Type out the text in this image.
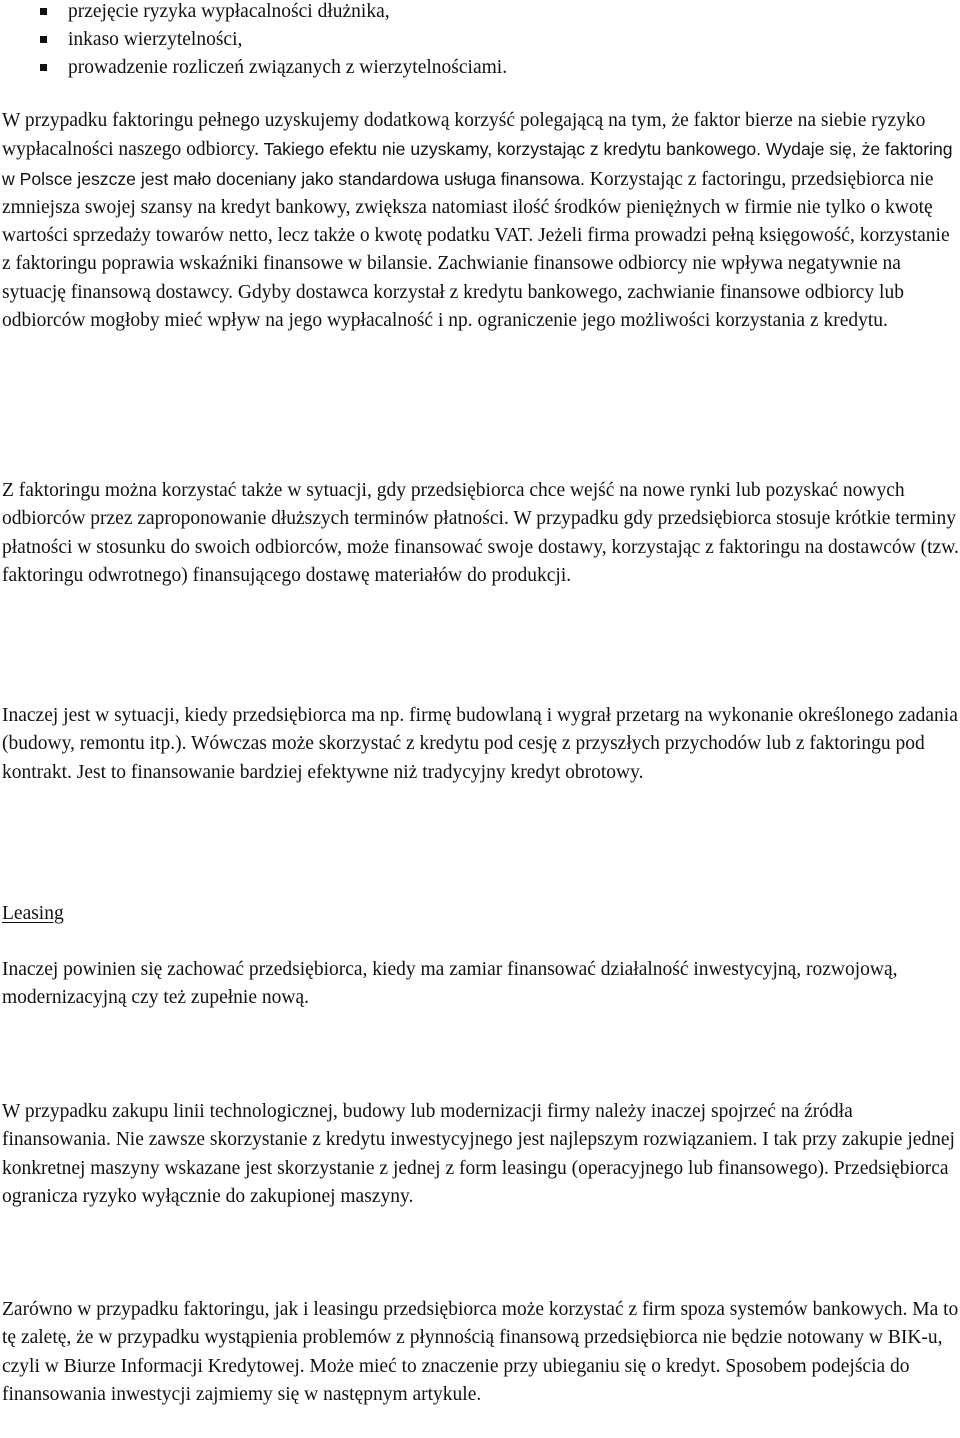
przejęcie ryzyka wypłacalności dłużnika,
inkaso wierzytelności,
prowadzenie rozliczeń związanych z wierzytelnościami.

W przypadku faktoringu pełnego uzyskujemy dodatkową korzyść polegającą na tym, że faktor bierze na siebie ryzyko wypłacalności naszego odbiorcy. Takiego efektu nie uzyskamy, korzystając z kredytu bankowego. Wydaje się, że faktoring w Polsce jeszcze jest mało doceniany jako standardowa usługa finansowa. Korzystając z factoringu, przedsiębiorca nie zmniejsza swojej szansy na kredyt bankowy, zwiększa natomiast ilość środków pieniężnych w firmie nie tylko o kwotę wartości sprzedaży towarów netto, lecz także o kwotę podatku VAT. Jeżeli firma prowadzi pełną księgowość, korzystanie z faktoringu poprawia wskaźniki finansowe w bilansie. Zachwianie finansowe odbiorcy nie wpływa negatywnie na sytuację finansową dostawcy. Gdyby dostawca korzystał z kredytu bankowego, zachwianie finansowe odbiorcy lub odbiorców mogłoby mieć wpływ na jego wypłacalność i np. ograniczenie jego możliwości korzystania z kredytu.

Z faktoringu można korzystać także w sytuacji, gdy przedsiębiorca chce wejść na nowe rynki lub pozyskać nowych odbiorców przez zaproponowanie dłuższych terminów płatności. W przypadku gdy przedsiębiorca stosuje krótkie terminy płatności w stosunku do swoich odbiorców, może finansować swoje dostawy, korzystając z faktoringu na dostawców (tzw. faktoringu odwrotnego) finansującego dostawę materiałów do produkcji.

Inaczej jest w sytuacji, kiedy przedsiębiorca ma np. firmę budowlaną i wygrał przetarg na wykonanie określonego zadania (budowy, remontu itp.). Wówczas może skorzystać z kredytu pod cesję z przyszłych przychodów lub z faktoringu pod kontrakt. Jest to finansowanie bardziej efektywne niż tradycyjny kredyt obrotowy.

Leasing

Inaczej powinien się zachować przedsiębiorca, kiedy ma zamiar finansować działalność inwestycyjną, rozwojową, modernizacyjną czy też zupełnie nową.

W przypadku zakupu linii technologicznej, budowy lub modernizacji firmy należy inaczej spojrzeć na źródła finansowania. Nie zawsze skorzystanie z kredytu inwestycyjnego jest najlepszym rozwiązaniem. I tak przy zakupie jednej konkretnej maszyny wskazane jest skorzystanie z jednej z form leasingu (operacyjnego lub finansowego). Przedsiębiorca ogranicza ryzyko wyłącznie do zakupionej maszyny.

Zarówno w przypadku faktoringu, jak i leasingu przedsiębiorca może korzystać z firm spoza systemów bankowych. Ma to tę zaletę, że w przypadku wystąpienia problemów z płynnością finansową przedsiębiorca nie będzie notowany w BIK-u, czyli w Biurze Informacji Kredytowej. Może mieć to znaczenie przy ubieganiu się o kredyt. Sposobem podejścia do finansowania inwestycji zajmiemy się w następnym artykule.
